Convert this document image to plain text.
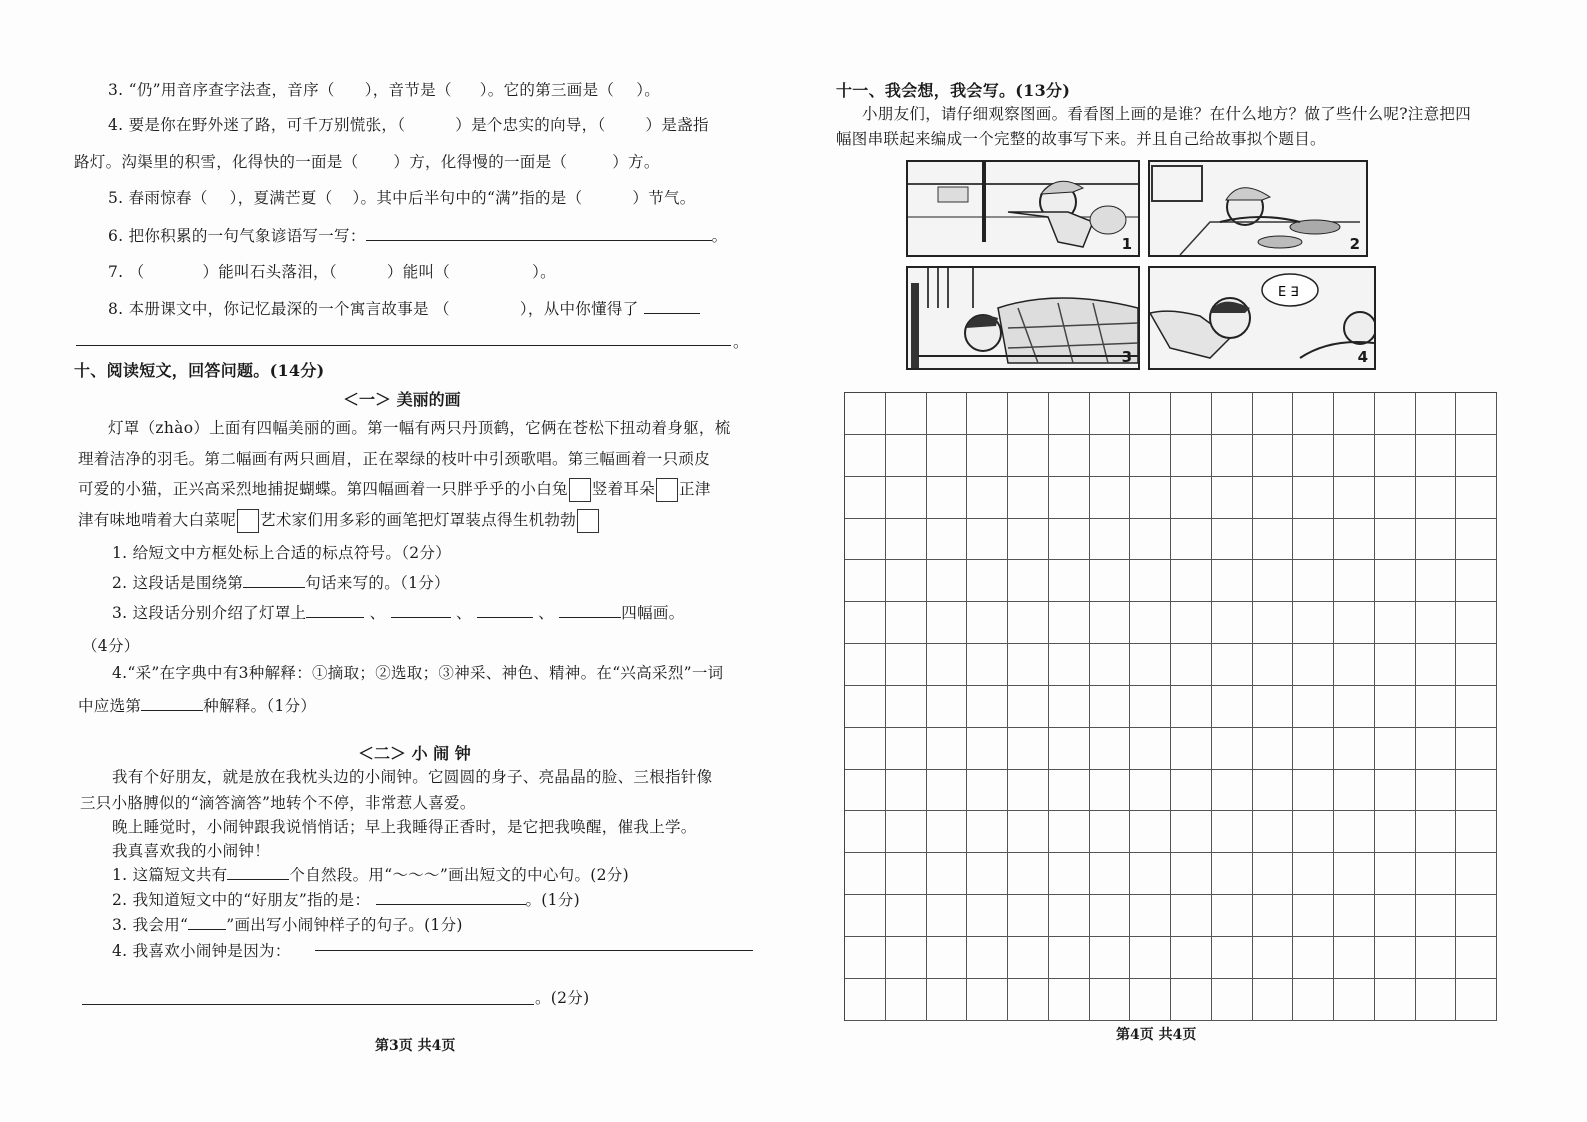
3. “仍”用音序查字法查，音序（ ），音节是（ ）。它的第三画是（ ）。
4. 要是你在野外迷了路，可千万别慌张，（	）是个忠实的向导，（	）是盏指
路灯。沟渠里的积雪，化得快的一面是（ ）方，化得慢的一面是（	）方。
5. 春雨惊春（ ），夏满芒夏（ ）。其中后半句中的“满”指的是（	）节气。
6. 把你积累的一句气象谚语写一写：	。
7. （	）能叫石头落泪，（	）能叫（	）。
8. 本册课文中，你记忆最深的一个寓言故事是 （	），从中你懂得了
。
十、阅读短文，回答问题。(14分)
＜一＞ 美丽的画
灯罩（zhào）上面有四幅美丽的画。第一幅有两只丹顶鹤，它俩在苍松下扭动着身躯，梳
理着洁净的羽毛。第二幅画有两只画眉，正在翠绿的枝叶中引颈歌唱。第三幅画着一只顽皮
可爱的小猫，正兴高采烈地捕捉蝴蝶。第四幅画着一只胖乎乎的小白兔 竖着耳朵 正津
津有味地啃着大白菜呢 艺术家们用多彩的画笔把灯罩装点得生机勃勃
1. 给短文中方框处标上合适的标点符号。（2分）
2. 这段话是围绕第	句话来写的。（1分）
3. 这段话分别介绍了灯罩上	、	、	、	四幅画。
（4分）
4.“采”在字典中有3种解释：①摘取；②选取；③神采、神色、精神。在“兴高采烈”一词
中应选第	种解释。（1分）
＜二＞ 小 闹 钟
我有个好朋友，就是放在我枕头边的小闹钟。它圆圆的身子、亮晶晶的脸、三根指针像
三只小胳膊似的“滴答滴答”地转个不停，非常惹人喜爱。
晚上睡觉时，小闹钟跟我说悄悄话；早上我睡得正香时，是它把我唤醒，催我上学。
我真喜欢我的小闹钟！
1. 这篇短文共有	个自然段。用“～～～”画出短文的中心句。(2分)
2. 我知道短文中的“好朋友”指的是：	。(1分)
3. 我会用“ ”画出写小闹钟样子的句子。(1分)
4. 我喜欢小闹钟是因为：
。(2分)
第3页 共4页
十一、我会想，我会写。(13分)
小朋友们，请仔细观察图画。看看图上画的是谁？在什么地方？做了些什么呢?注意把四
幅图串联起来编成一个完整的故事写下来。并且自己给故事拟个题目。
1	2
3
E ∃
4
第4页 共4页
